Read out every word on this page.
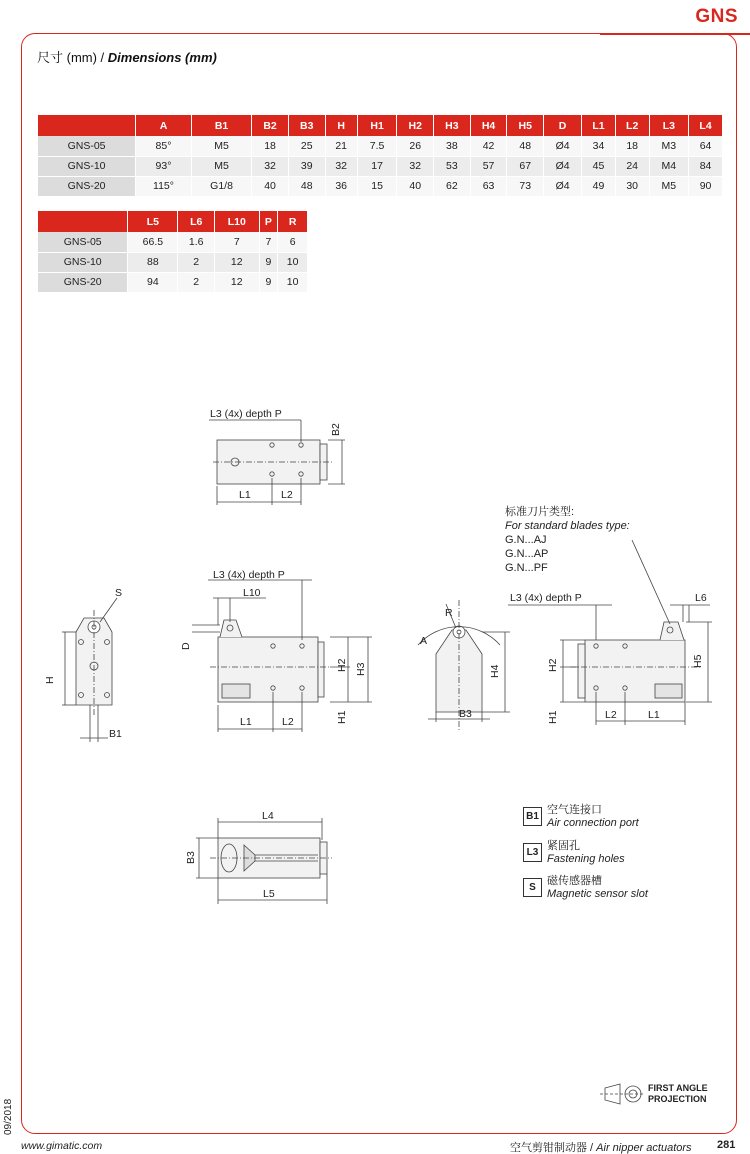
GNS
尺寸 (mm) / Dimensions (mm)
	A	B1	B2	B3	H	H1	H2	H3	H4	H5	D	L1	L2	L3	L4
GNS-05	85°	M5	18	25	21	7.5	26	38	42	48	Ø4	34	18	M3	64
GNS-10	93°	M5	32	39	32	17	32	53	57	67	Ø4	45	24	M4	84
GNS-20	115°	G1/8	40	48	36	15	40	62	63	73	Ø4	49	30	M5	90
	L5	L6	L10	P	R
GNS-05	66.5	1.6	7	7	6
GNS-10	88	2	12	9	10
GNS-20	94	2	12	9	10
L3 (4x) depth P
B2
L1	L2
S
H
B1
L3 (4x) depth P
L10
D
H2 H3
H1
L1	L2
R
A
H4
B3
L3 (4x) depth P	L6
H2
H1
H5
L2	L1
L4
L5
B3
标准刀片类型:
For standard blades type:
G.N...AJ
G.N...AP
G.N...PF
B1
空气连接口
Air connection port
L3
紧固孔
Fastening holes
S
磁传感器槽
Magnetic sensor slot
FIRST ANGLE
PROJECTION
09/2018
www.gimatic.com	空气剪钳制动器 / Air nipper actuators 281
